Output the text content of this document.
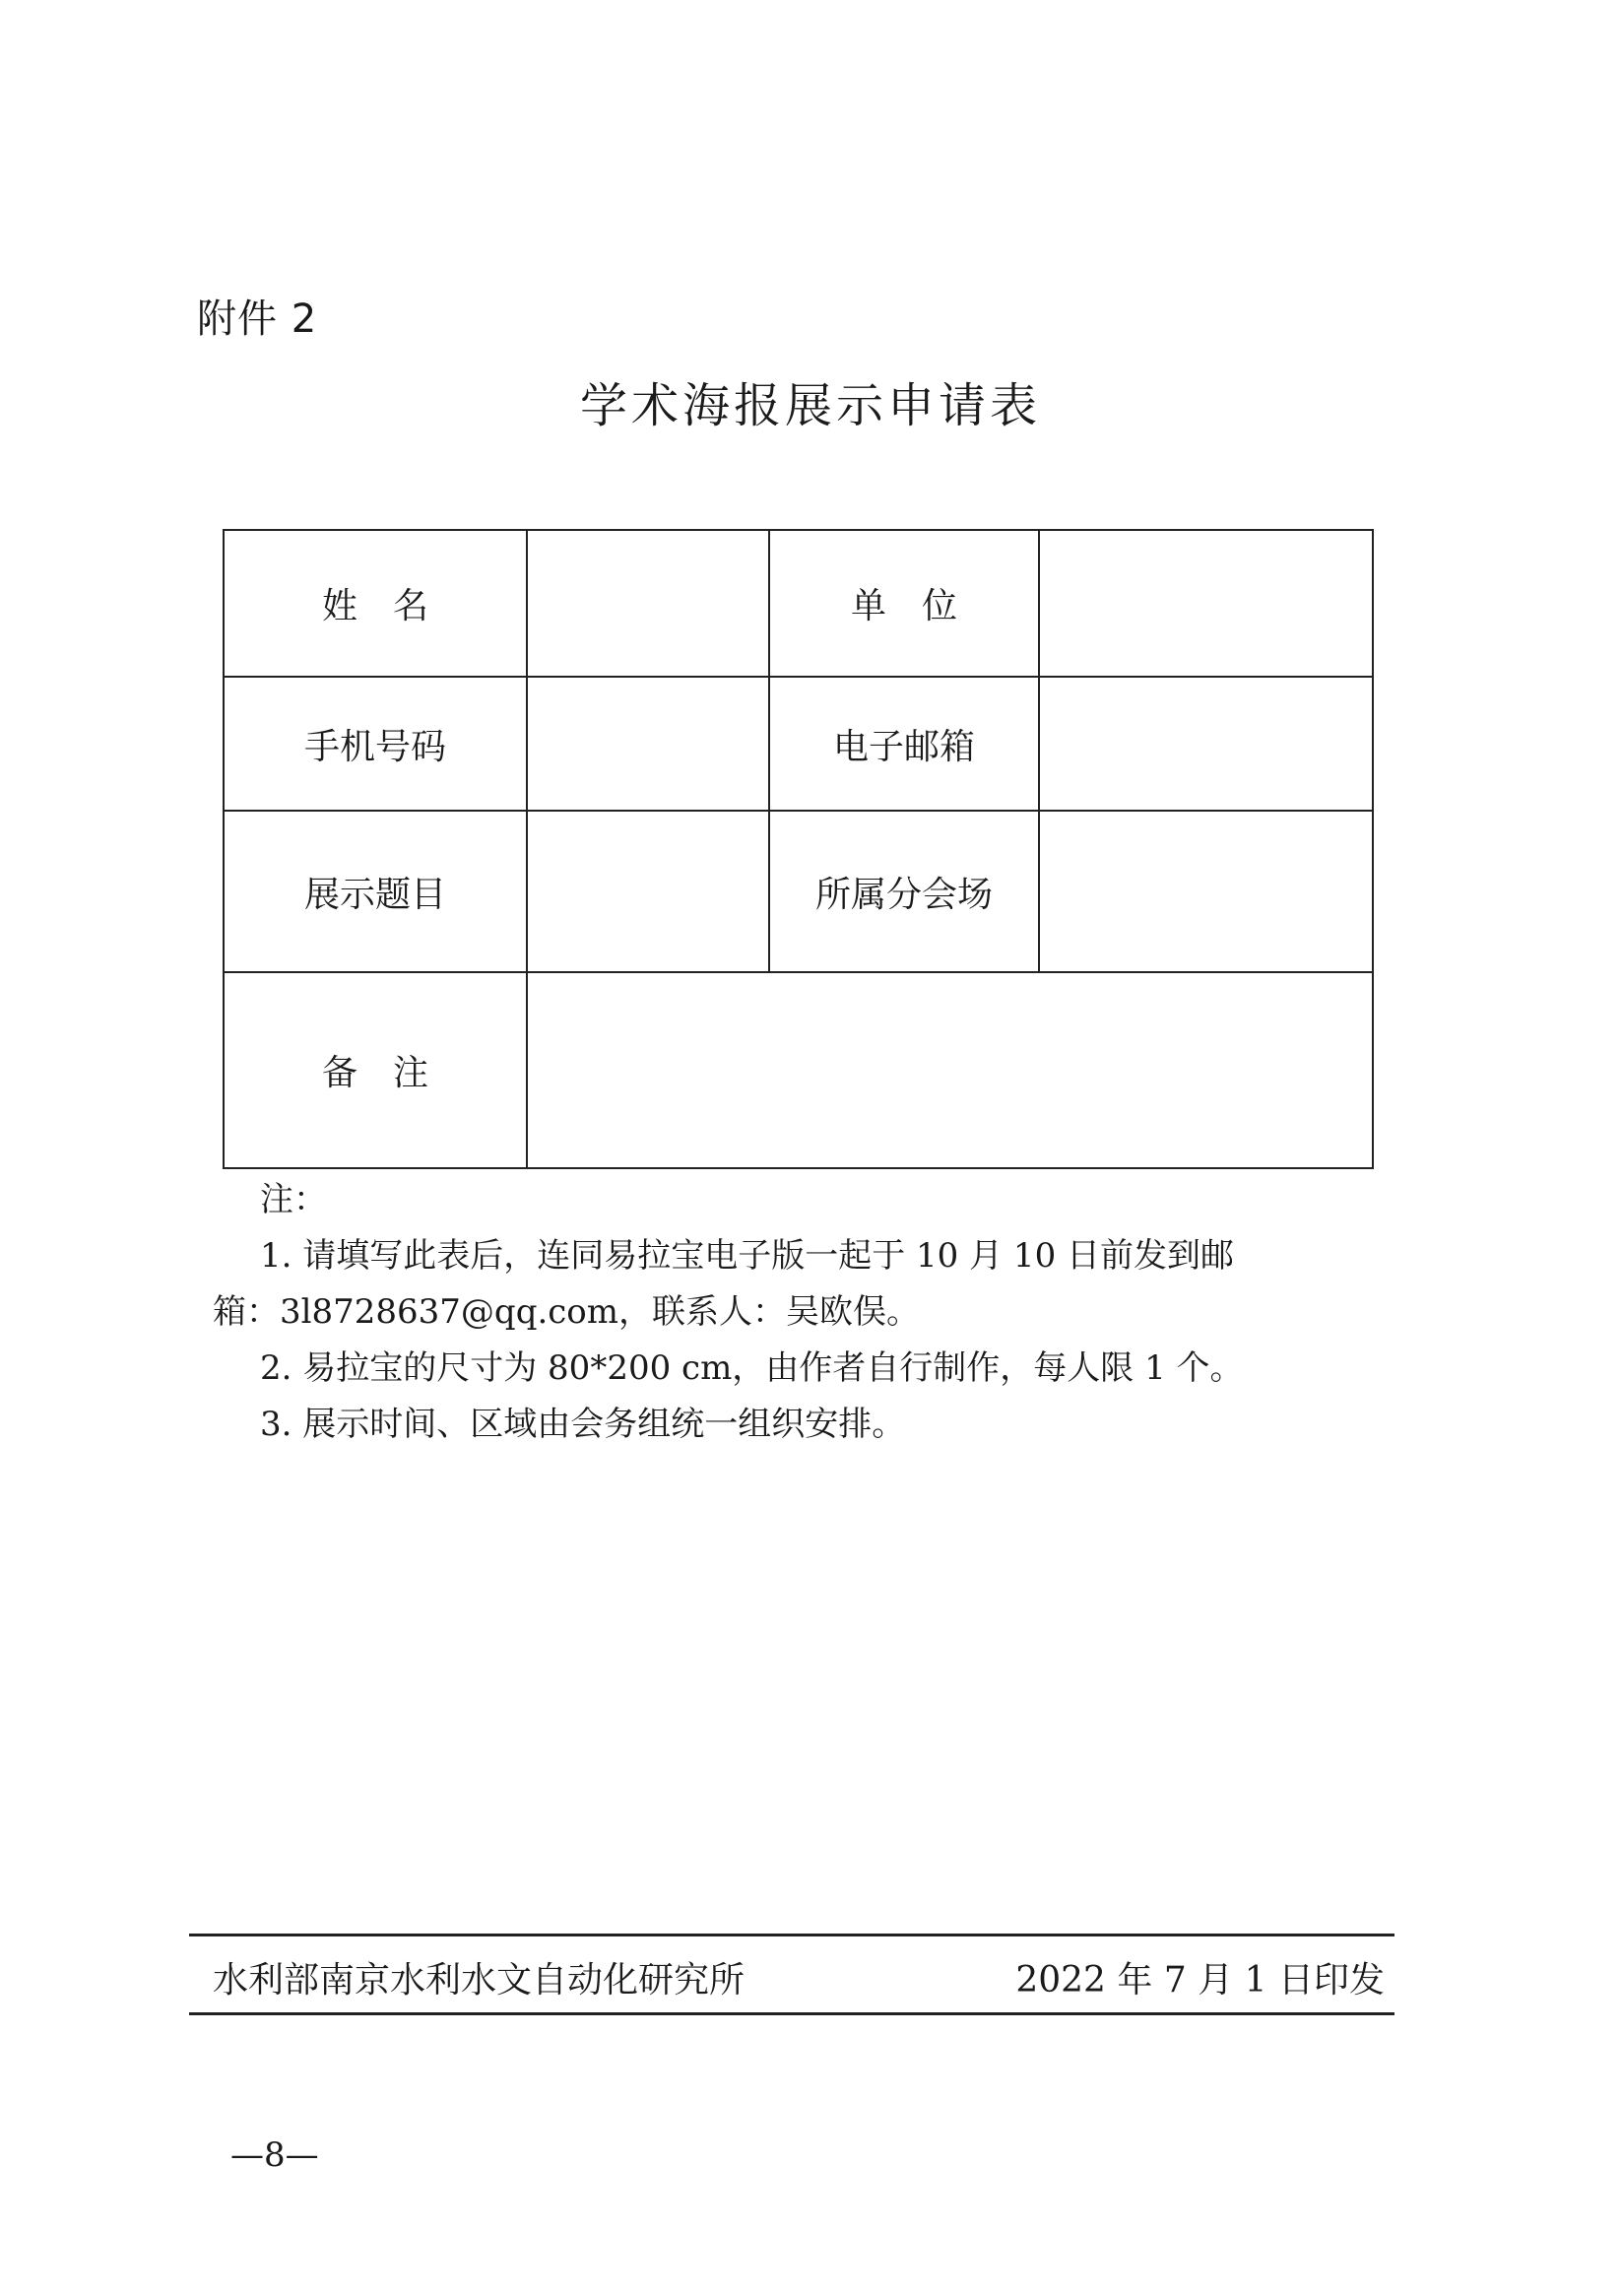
附件 2
学术海报展示申请表
姓　名		单　位	
手机号码		电子邮箱	
展示题目		所属分会场	
备　注			

注：

1. 请填写此表后，连同易拉宝电子版一起于 10 月 10 日前发到邮

箱：3l8728637@qq.com，联系人：吴欧俣。

2. 易拉宝的尺寸为 80*200 cm，由作者自行制作，每人限 1 个。

3. 展示时间、区域由会务组统一组织安排。

水利部南京水利水文自动化研究所	2022 年 7 月 1 日印发
—8—
